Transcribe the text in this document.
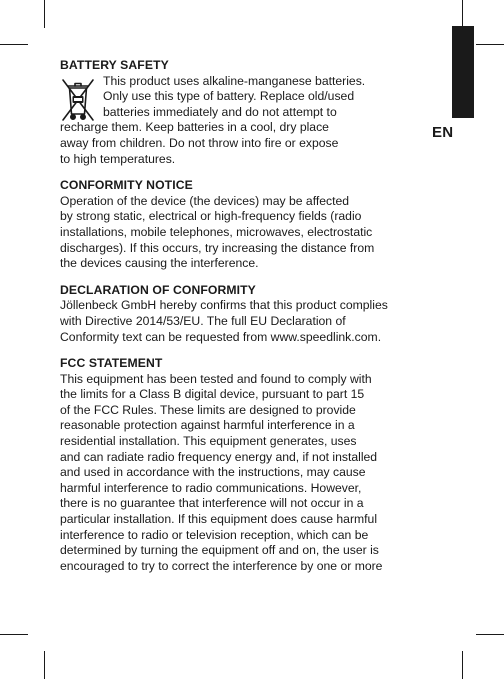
EN
BATTERY SAFETY

This product uses alkaline-manganese batteries.

Only use this type of battery. Replace old/used

batteries immediately and do not attempt to

recharge them. Keep batteries in a cool, dry place

away from children. Do not throw into fire or expose

to high temperatures.

CONFORMITY NOTICE

Operation of the device (the devices) may be affected

by strong static, electrical or high-frequency fields (radio

installations, mobile telephones, microwaves, electrostatic

discharges). If this occurs, try increasing the distance from

the devices causing the interference.

DECLARATION OF CONFORMITY

Jöllenbeck GmbH hereby confirms that this product complies

with Directive 2014/53/EU. The full EU Declaration of

Conformity text can be requested from www.speedlink.com.

FCC STATEMENT

This equipment has been tested and found to comply with

the limits for a Class B digital device, pursuant to part 15

of the FCC Rules. These limits are designed to provide

reasonable protection against harmful interference in a

residential installation. This equipment generates, uses

and can radiate radio frequency energy and, if not installed

and used in accordance with the instructions, may cause

harmful interference to radio communications. However,

there is no guarantee that interference will not occur in a

particular installation. If this equipment does cause harmful

interference to radio or television reception, which can be

determined by turning the equipment off and on, the user is

encouraged to try to correct the interference by one or more
